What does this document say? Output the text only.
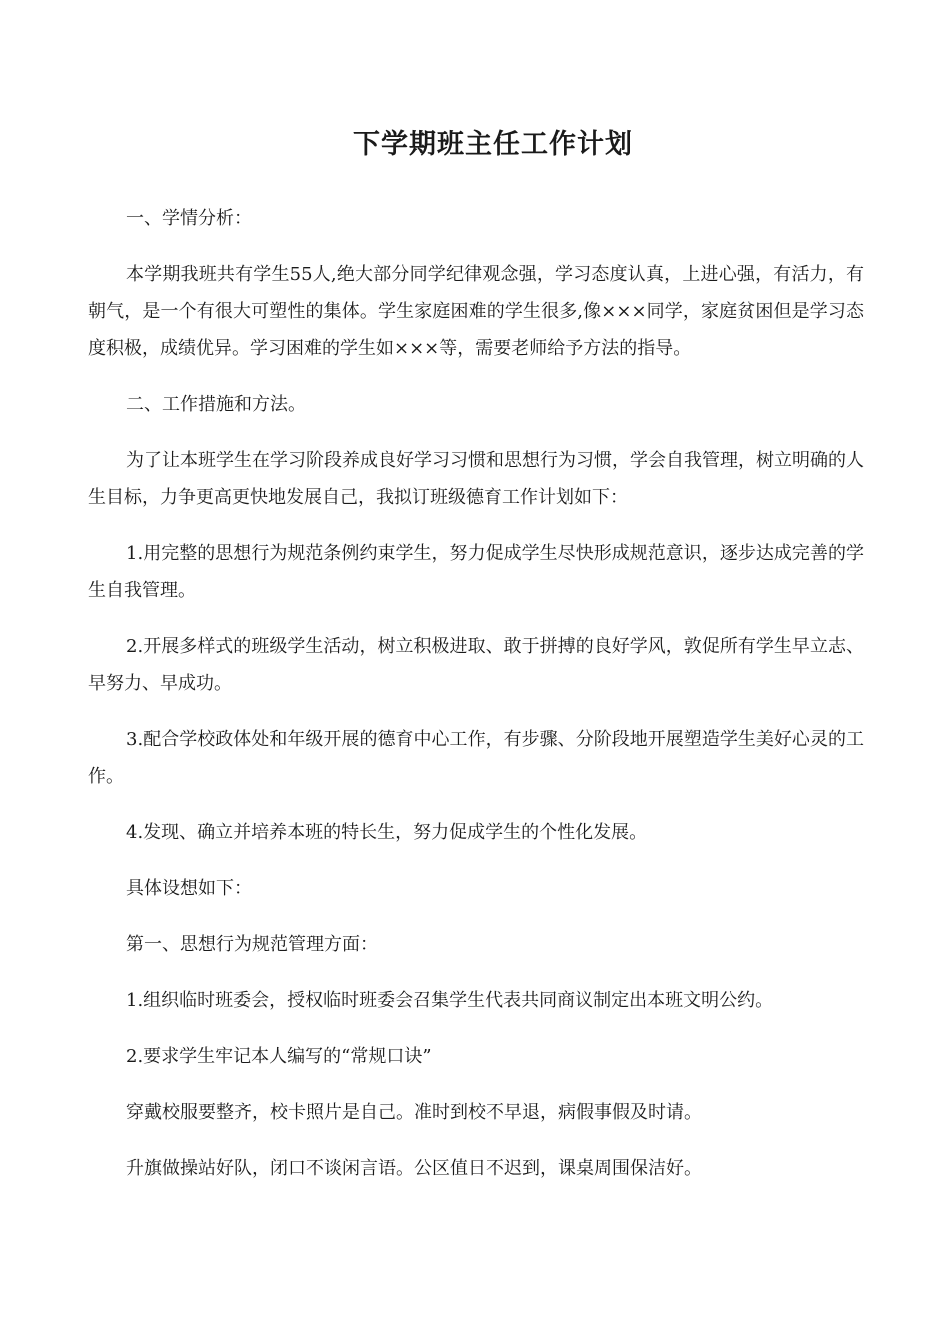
下学期班主任工作计划

一、学情分析：

本学期我班共有学生55人,绝大部分同学纪律观念强，学习态度认真，上进心强，有活力，有朝气，是一个有很大可塑性的集体。学生家庭困难的学生很多,像×××同学，家庭贫困但是学习态度积极，成绩优异。学习困难的学生如×××等，需要老师给予方法的指导。

二、工作措施和方法。

为了让本班学生在学习阶段养成良好学习习惯和思想行为习惯，学会自我管理，树立明确的人生目标，力争更高更快地发展自己，我拟订班级德育工作计划如下：

1.用完整的思想行为规范条例约束学生，努力促成学生尽快形成规范意识，逐步达成完善的学生自我管理。

2.开展多样式的班级学生活动，树立积极进取、敢于拼搏的良好学风，敦促所有学生早立志、早努力、早成功。

3.配合学校政体处和年级开展的德育中心工作，有步骤、分阶段地开展塑造学生美好心灵的工作。

4.发现、确立并培养本班的特长生，努力促成学生的个性化发展。

具体设想如下：

第一、思想行为规范管理方面：

1.组织临时班委会，授权临时班委会召集学生代表共同商议制定出本班文明公约。

2.要求学生牢记本人编写的“常规口诀”

穿戴校服要整齐，校卡照片是自己。准时到校不早退，病假事假及时请。

升旗做操站好队，闭口不谈闲言语。公区值日不迟到，课桌周围保洁好。
